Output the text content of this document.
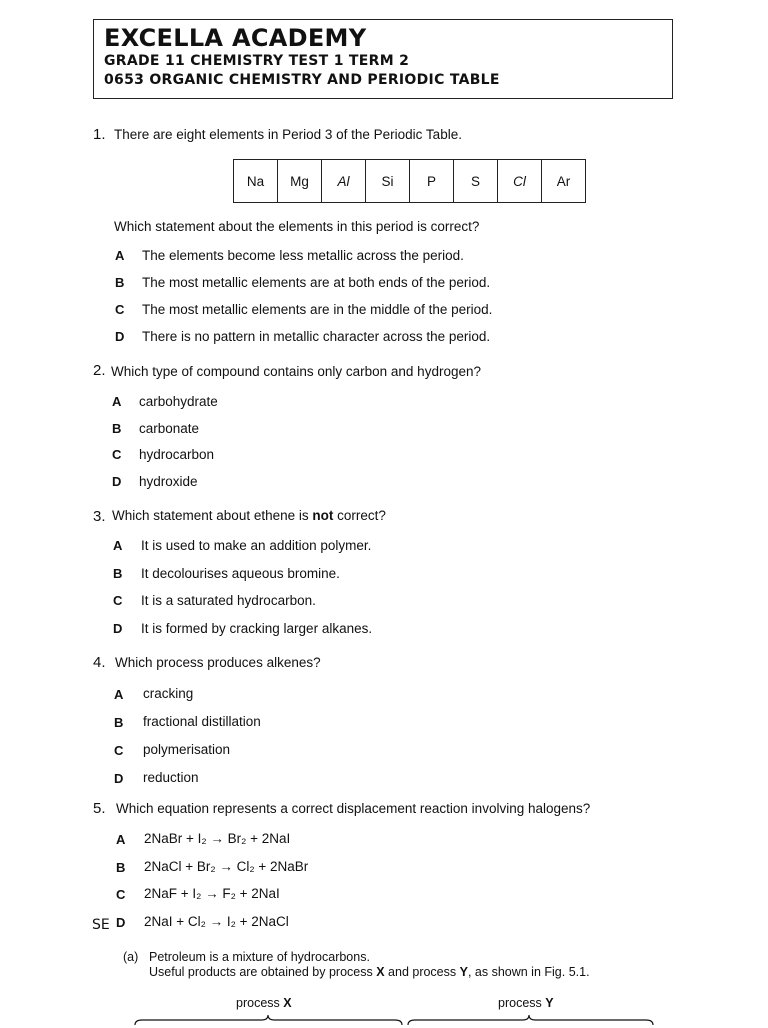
EXCELLA ACADEMY
GRADE 11 CHEMISTRY TEST 1 TERM 2
0653 ORGANIC CHEMISTRY AND PERIODIC TABLE
1. There are eight elements in Period 3 of the Periodic Table.
Na	Mg	Al	Si	P	S	Cl	Ar
Which statement about the elements in this period is correct?
A The elements become less metallic across the period.
B The most metallic elements are at both ends of the period.
C The most metallic elements are in the middle of the period.
D There is no pattern in metallic character across the period.
2. Which type of compound contains only carbon and hydrogen?
A carbohydrate
B carbonate
C hydrocarbon
D hydroxide
3. Which statement about ethene is not correct?
A It is used to make an addition polymer.
B It decolourises aqueous bromine.
C It is a saturated hydrocarbon.
D It is formed by cracking larger alkanes.
4. Which process produces alkenes?
A cracking
B fractional distillation
C polymerisation
D reduction
5. Which equation represents a correct displacement reaction involving halogens?
A 2NaBr + I₂ → Br₂ + 2NaI
B 2NaCl + Br₂ → Cl₂ + 2NaBr
C 2NaF + I₂ → F₂ + 2NaI
D 2NaI + Cl₂ → I₂ + 2NaCl
SE
(a) Petroleum is a mixture of hydrocarbons.
Useful products are obtained by process X and process Y, as shown in Fig. 5.1.
process X	process Y
